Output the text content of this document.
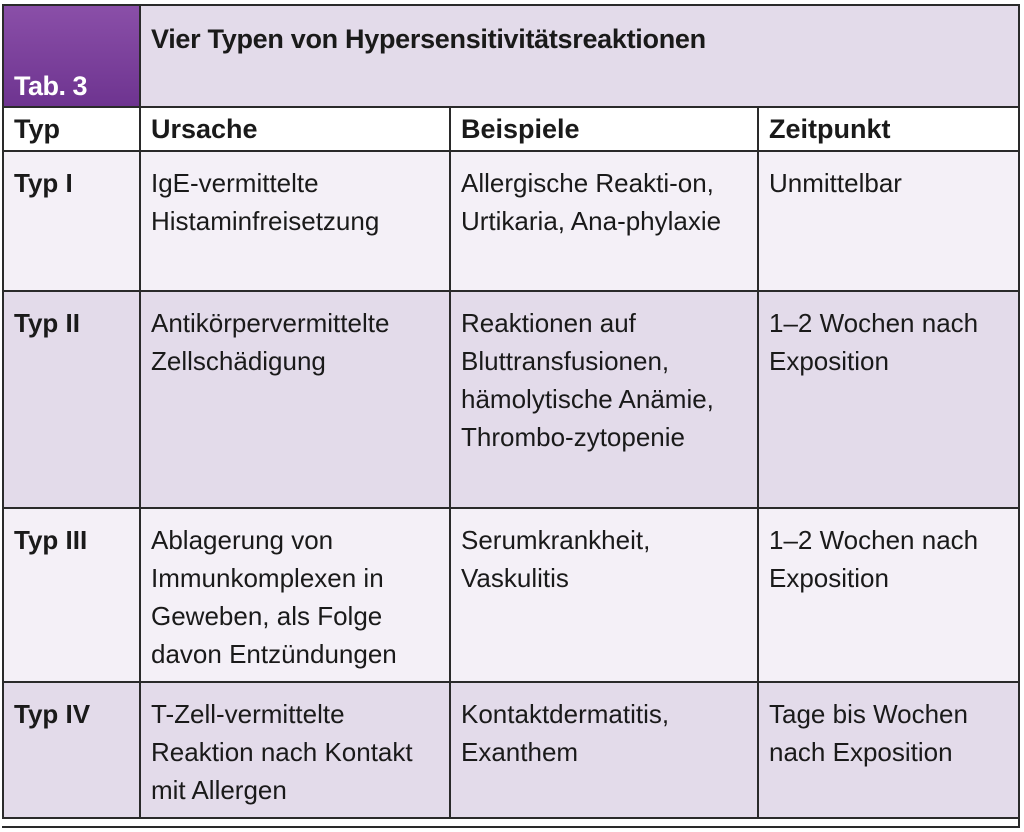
Tab. 3	Vier Typen von Hypersensitivitätsreaktionen		
Typ	Ursache	Beispiele	Zeitpunkt
Typ I	IgE-vermittelte Histaminfreisetzung	Allergische Reakti-on, Urtikaria, Ana-phylaxie	Unmittelbar
Typ II	Antikörpervermittelte Zellschädigung	Reaktionen auf Bluttransfusionen, hämolytische Anämie, Thrombo-zytopenie	1–2 Wochen nach Exposition
Typ III	Ablagerung von Immunkomplexen in Geweben, als Folge davon Entzündungen	Serumkrankheit, Vaskulitis	1–2 Wochen nach Exposition
Typ IV	T-Zell-vermittelte Reaktion nach Kontakt mit Allergen	Kontaktdermatitis, Exanthem	Tage bis Wochen nach Exposition
